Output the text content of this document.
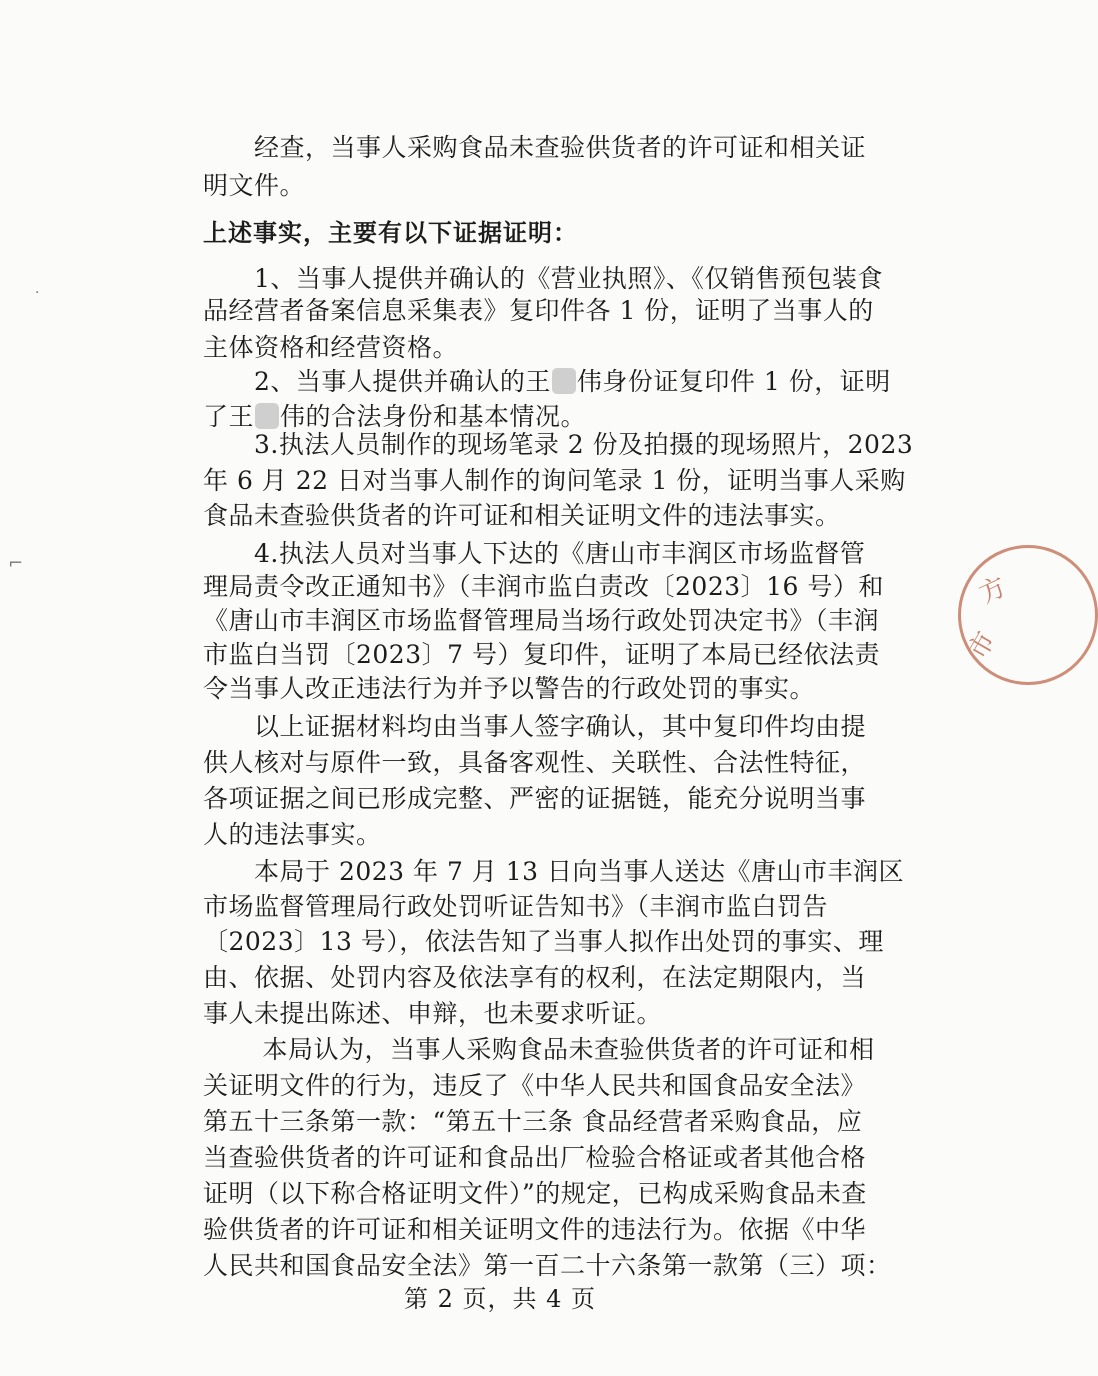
　　经查，当事人采购食品未查验供货者的许可证和相关证
明文件。
上述事实，主要有以下证据证明：
　　1、当事人提供并确认的《营业执照》、《仅销售预包装食
品经营者备案信息采集表》复印件各 1 份，证明了当事人的
主体资格和经营资格。
　　2、当事人提供并确认的王 伟身份证复印件 1 份，证明
了王 伟的合法身份和基本情况。
　　3.执法人员制作的现场笔录 2 份及拍摄的现场照片，2023
年 6 月 22 日对当事人制作的询问笔录 1 份，证明当事人采购
食品未查验供货者的许可证和相关证明文件的违法事实。
　　4.执法人员对当事人下达的《唐山市丰润区市场监督管
理局责令改正通知书》（丰润市监白责改〔2023〕16 号）和
《唐山市丰润区市场监督管理局当场行政处罚决定书》（丰润
市监白当罚〔2023〕7 号）复印件，证明了本局已经依法责
令当事人改正违法行为并予以警告的行政处罚的事实。
　　以上证据材料均由当事人签字确认，其中复印件均由提
供人核对与原件一致，具备客观性、关联性、合法性特征，
各项证据之间已形成完整、严密的证据链，能充分说明当事
人的违法事实。
　　本局于 2023 年 7 月 13 日向当事人送达《唐山市丰润区
市场监督管理局行政处罚听证告知书》（丰润市监白罚告
〔2023〕13 号），依法告知了当事人拟作出处罚的事实、理
由、依据、处罚内容及依法享有的权利，在法定期限内，当
事人未提出陈述、申辩，也未要求听证。
　　 本局认为，当事人采购食品未查验供货者的许可证和相
关证明文件的行为，违反了《中华人民共和国食品安全法》
第五十三条第一款：“第五十三条 食品经营者采购食品，应
当查验供货者的许可证和食品出厂检验合格证或者其他合格
证明（以下称合格证明文件）”的规定，已构成采购食品未查
验供货者的许可证和相关证明文件的违法行为。依据《中华
人民共和国食品安全法》第一百二十六条第一款第（三）项：
第 2 页，共 4 页
方
市
·
⌐
